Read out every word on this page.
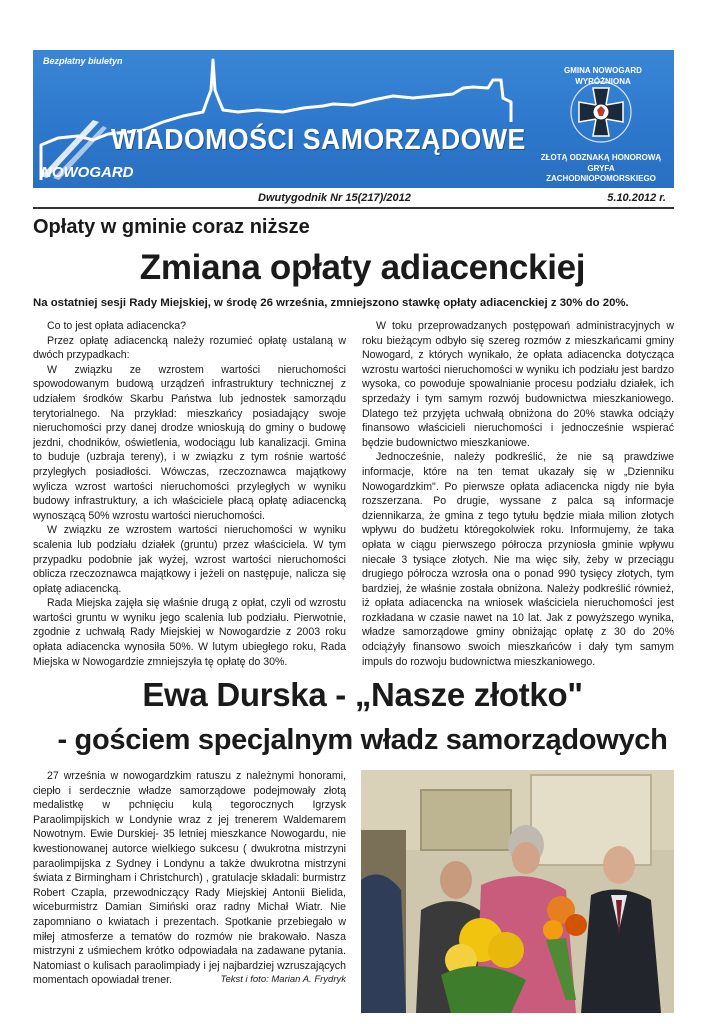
Bezpłatny biuletyn
WIADOMOŚCI SAMORZĄDOWE
NOWOGARD
GMINA NOWOGARD
WYRÓŻNIONA
ZŁOTĄ ODZNAKĄ HONOROWĄ
GRYFA
ZACHODNIOPOMORSKIEGO
Dwutygodnik Nr 15(217)/2012	5.10.2012 r.
Opłaty w gminie coraz niższe
Zmiana opłaty adiacenckiej
Na ostatniej sesji Rady Miejskiej, w środę 26 września, zmniejszono stawkę opłaty adiacenckiej z 30% do 20%.

Co to jest opłata adiacencka?

Przez opłatę adiacencką należy rozumieć opłatę ustalaną w dwóch przypadkach:

W związku ze wzrostem wartości nieruchomości spowodowanym budową urządzeń infrastruktury technicznej z udziałem środków Skarbu Państwa lub jednostek samorządu terytorialnego. Na przykład: mieszkańcy posiadający swoje nieruchomości przy danej drodze wnioskują do gminy o budowę jezdni, chodników, oświetlenia, wodociągu lub kanalizacji. Gmina to buduje (uzbraja tereny), i w związku z tym rośnie wartość przyległych posiadłości. Wówczas, rzeczoznawca majątkowy wylicza wzrost wartości nieruchomości przyległych w wyniku budowy infrastruktury, a ich właściciele płacą opłatę adiacencką wynoszącą 50% wzrostu wartości nieruchomości.

W związku ze wzrostem wartości nieruchomości w wyniku scalenia lub podziału działek (gruntu) przez właściciela. W tym przypadku podobnie jak wyżej, wzrost wartości nieruchomości oblicza rzeczoznawca majątkowy i jeżeli on następuje, nalicza się opłatę adiacencką.

Rada Miejska zajęła się właśnie drugą z opłat, czyli od wzrostu wartości gruntu w wyniku jego scalenia lub podziału. Pierwotnie, zgodnie z uchwałą Rady Miejskiej w Nowogardzie z 2003 roku opłata adiacencka wynosiła 50%. W lutym ubiegłego roku, Rada Miejska w Nowogardzie zmniejszyła tę opłatę do 30%.

W toku przeprowadzanych postępowań administracyjnych w roku bieżącym odbyło się szereg rozmów z mieszkańcami gminy Nowogard, z których wynikało, że opłata adiacencka dotycząca wzrostu wartości nieruchomości w wyniku ich podziału jest bardzo wysoka, co powoduje spowalnianie procesu podziału działek, ich sprzedaży i tym samym rozwój budownictwa mieszkaniowego. Dlatego też przyjęta uchwałą obniżona do 20% stawka odciąży finansowo właścicieli nieruchomości i jednocześnie wspierać będzie budownictwo mieszkaniowe.

Jednocześnie, należy podkreślić, że nie są prawdziwe informacje, które na ten temat ukazały się w „Dzienniku Nowogardzkim". Po pierwsze opłata adiacencka nigdy nie była rozszerzana. Po drugie, wyssane z palca są informacje dziennikarza, że gmina z tego tytułu będzie miała milion złotych wpływu do budżetu któregokolwiek roku. Informujemy, że taka opłata w ciągu pierwszego półrocza przyniosła gminie wpływu niecałe 3 tysiące złotych. Nie ma więc siły, żeby w przeciągu drugiego półrocza wzrosła ona o ponad 990 tysięcy złotych, tym bardziej, że właśnie została obniżona. Należy podkreślić również, iż opłata adiacencka na wniosek właściciela nieruchomości jest rozkładana w czasie nawet na 10 lat. Jak z powyższego wynika, władze samorządowe gminy obniżając opłatę z 30 do 20% odciążyły finansowo swoich mieszkańców i dały tym samym impuls do rozwoju budownictwa mieszkaniowego.

Ewa Durska - „Nasze złotko"
- gościem specjalnym władz samorządowych

27 września w nowogardzkim ratuszu z należnymi honorami, ciepło i serdecznie władze samorządowe podejmowały złotą medalistkę w pchnięciu kulą tegorocznych Igrzysk Paraolimpijskich w Londynie wraz z jej trenerem Waldemarem Nowotnym. Ewie Durskiej- 35 letniej mieszkance Nowogardu, nie kwestionowanej autorce wielkiego sukcesu ( dwukrotna mistrzyni paraolimpijska z Sydney i Londynu a także dwukrotna mistrzyni świata z Birmingham i Christchurch) , gratulacje składali: burmistrz Robert Czapla, przewodniczący Rady Miejskiej Antonii Bielida, wiceburmistrz Damian Simiński oraz radny Michał Wiatr. Nie zapomniano o kwiatach i prezentach. Spotkanie przebiegało w miłej atmosferze a tematów do rozmów nie brakowało. Nasza mistrzyni z uśmiechem krótko odpowiadała na zadawane pytania. Natomiast o kulisach paraolimpiady i jej najbardziej wzruszających momentach opowiadał trener.	Tekst i foto: Marian A. Frydryk
